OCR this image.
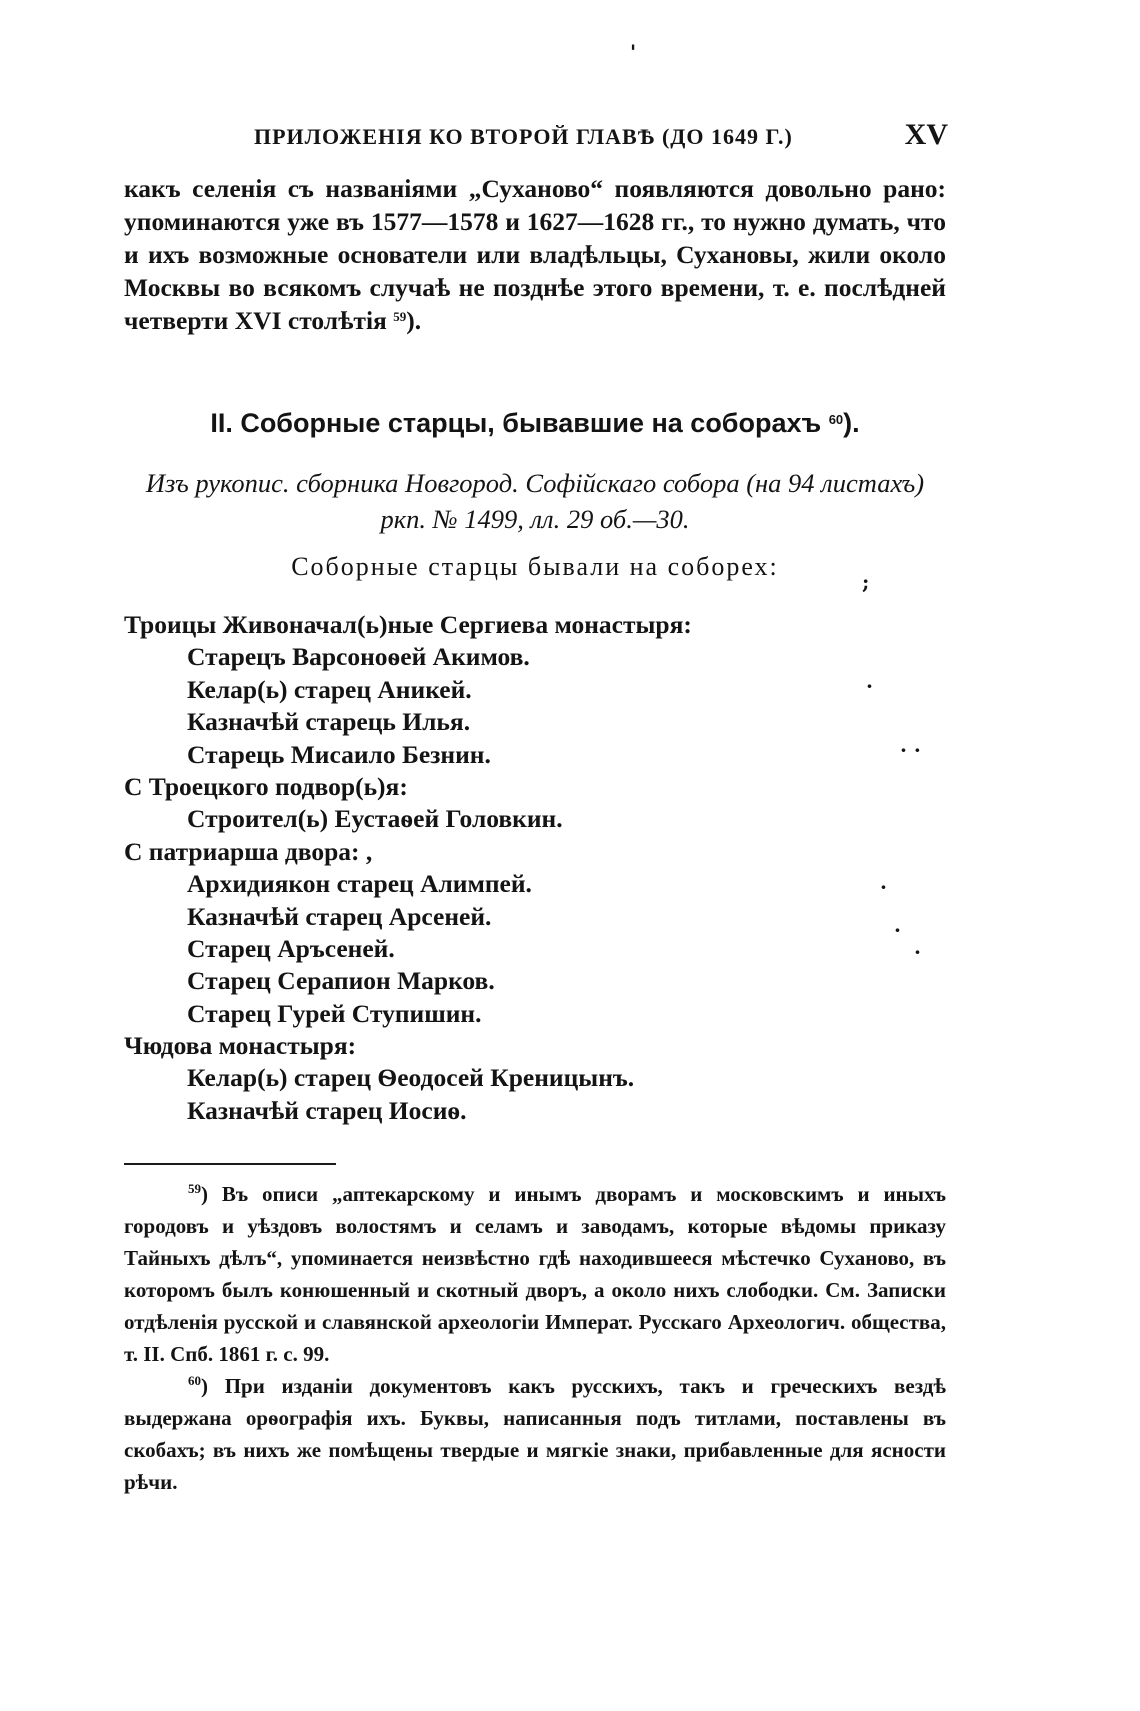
'
ПРИЛОЖЕНІЯ КО ВТОРОЙ ГЛАВѢ (ДО 1649 Г.)	XV
какъ селенія съ названіями „Суханово“ появляются довольно рано: упоминаются уже въ 1577—1578 и 1627—1628 гг., то нужно думать, что и ихъ возможные основатели или владѣльцы, Сухановы, жили около Москвы во всякомъ случаѣ не позднѣе этого времени, т. е. послѣдней четверти XVI столѣтія $^{59}$).
II. Соборные старцы, бывавшие на соборахъ $^{60}$).
Изъ рукопис. сборника Новгород. Софійскаго собора (на 94 листахъ)
ркп. № 1499, лл. 29 об.—30.
Соборные старцы бывали на соборех:
Троицы Живоначал(ь)ные Сергиева монастыря:
Старецъ Варсоноѳей Акимов.
Келар(ь) старец Аникей.
Казначѣй старець Илья.
Старець Мисаило Безнин.
С Троецкого подвор(ь)я:
Строител(ь) Еустаѳей Головкин.
С патриарша двора: ,
Архидиякон старец Алимпей.
Казначѣй старец Арсеней.
Старец Аръсеней.
Старец Серапион Марков.
Старец Гурей Ступишин.
Чюдова монастыря:
Келар(ь) старец Ѳеодосей Креницынъ.
Казначѣй старец Иосиѳ.
;
·
· ·
·
·
·

$^{59}$) Въ описи „аптекарскому и инымъ дворамъ и московскимъ и иныхъ городовъ и уѣздовъ волостямъ и селамъ и заводамъ, которые вѣдомы приказу Тайныхъ дѣлъ“, упоминается неизвѣстно гдѣ находившееся мѣстечко Суханово, въ которомъ былъ конюшенный и скотный дворъ, а около нихъ слободки. См. Записки отдѣленія русской и славянской археологіи Императ. Русскаго Археологич. общества, т. II. Спб. 1861 г. с. 99.

$^{60}$) При изданіи документовъ какъ русскихъ, такъ и греческихъ вездѣ выдержана орѳографія ихъ. Буквы, написанныя подъ титлами, поставлены въ скобахъ; въ нихъ же помѣщены твердые и мягкіе знаки, прибавленные для ясности рѣчи.
